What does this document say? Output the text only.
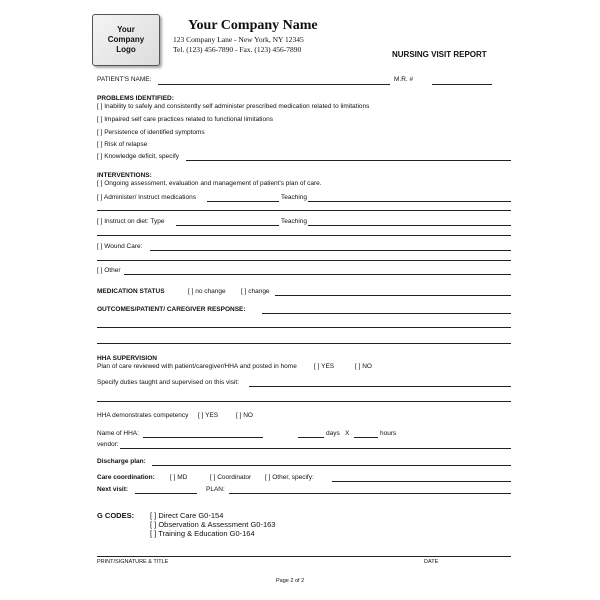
Your
Company
Logo
Your Company Name
123 Company Lane - New York, NY 12345
Tel. (123) 456-7890 - Fax. (123) 456-7890
NURSING VISIT REPORT
PATIENT'S NAME:	M.R. #
PROBLEMS IDENTIFIED:
[ ] Inability to safely and consistently self administer prescribed medication related to limitations
[ ] Impaired self care practices related to functional limitations
[ ] Persistence of identified symptoms
[ ] Risk of relapse
[ ] Knowledge deficit, specify
INTERVENTIONS:
[ ] Ongoing assessment, evaluation and management of patient's plan of care.
[ ] Administer/ Instruct medications	Teaching
[ ] Instruct on diet: Type	Teaching
[ ] Wound Care:
[ ] Other
MEDICATION STATUS	[ ] no change [ ] change
OUTCOMES/PATIENT/ CAREGIVER RESPONSE:
HHA SUPERVISION
Plan of care reviewed with patient/caregiver/HHA and posted in home	[ ] YES	[ ] NO
Specify duties taught and supervised on this visit:
HHA demonstrates competency [ ] YES	[ ] NO
Name of HHA:	days X	hours
vendor:
Discharge plan:
Care coordination: [ ] MD	[ ] Coordinator [ ] Other, specify:
Next visit:	PLAN:
G CODES: [ ] Direct Care G0-154
[ ] Observation & Assessment G0-163
[ ] Training & Education G0-164
PRINT/SIGNATURE & TITLE	DATE
Page 2 of 2
